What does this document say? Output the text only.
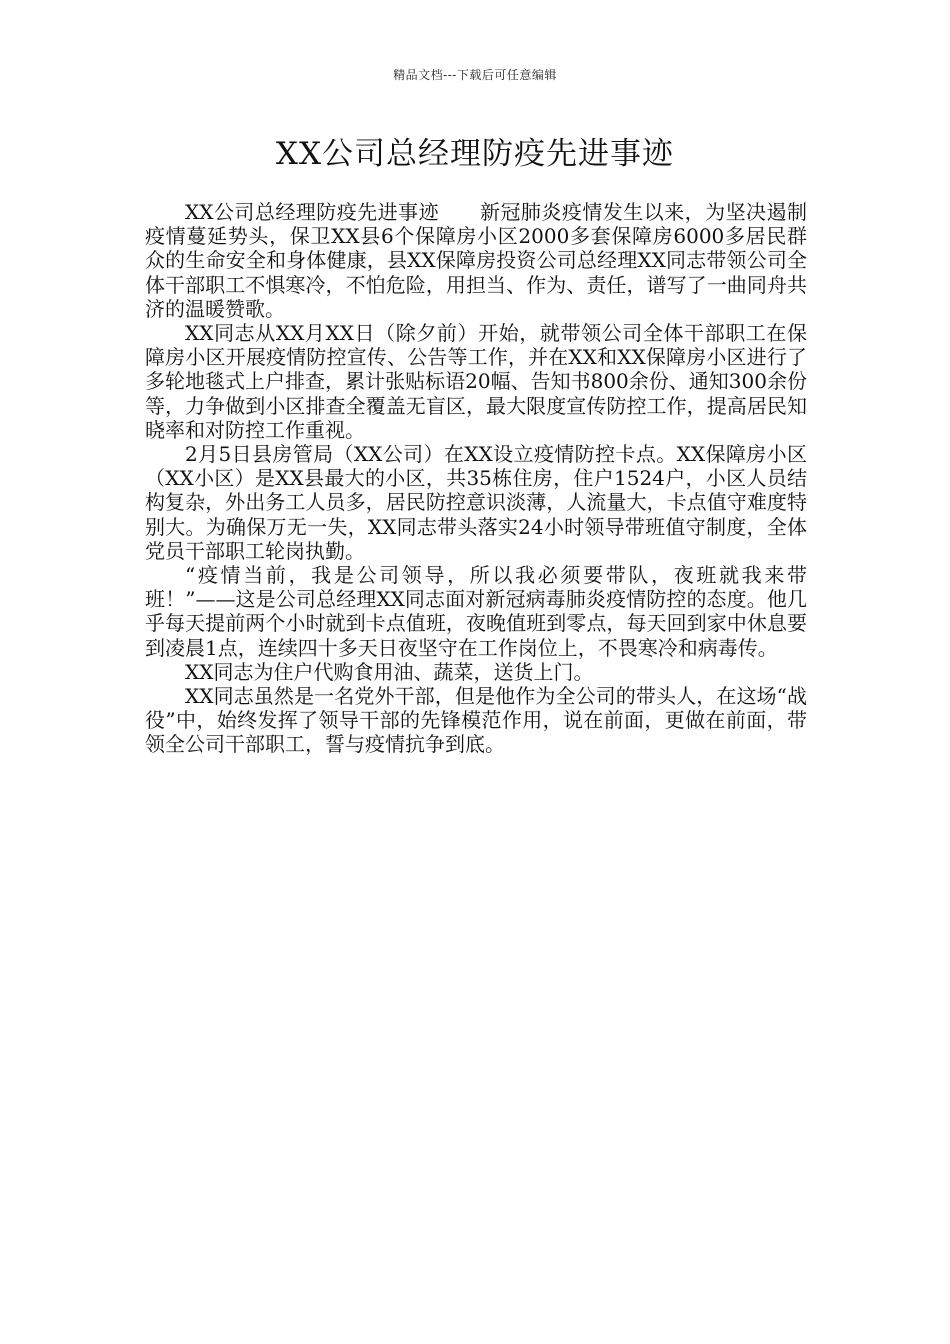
精品文档---下载后可任意编辑
XX公司总经理防疫先进事迹

XX公司总经理防疫先进事迹　　新冠肺炎疫情发生以来，为坚决遏制疫情蔓延势头，保卫XX县6个保障房小区2000多套保障房6000多居民群众的生命安全和身体健康，县XX保障房投资公司总经理XX同志带领公司全体干部职工不惧寒冷，不怕危险，用担当、作为、责任，谱写了一曲同舟共济的温暖赞歌。

XX同志从XX月XX日（除夕前）开始，就带领公司全体干部职工在保障房小区开展疫情防控宣传、公告等工作，并在XX和XX保障房小区进行了多轮地毯式上户排查，累计张贴标语20幅、告知书800余份、通知300余份等，力争做到小区排查全覆盖无盲区，最大限度宣传防控工作，提高居民知晓率和对防控工作重视。

2月5日县房管局（XX公司）在XX设立疫情防控卡点。XX保障房小区（XX小区）是XX县最大的小区，共35栋住房，住户1524户，小区人员结构复杂，外出务工人员多，居民防控意识淡薄，人流量大，卡点值守难度特别大。为确保万无一失，XX同志带头落实24小时领导带班值守制度，全体党员干部职工轮岗执勤。

“疫情当前，我是公司领导，所以我必须要带队，夜班就我来带班！”——这是公司总经理XX同志面对新冠病毒肺炎疫情防控的态度。他几乎每天提前两个小时就到卡点值班，夜晚值班到零点，每天回到家中休息要到凌晨1点，连续四十多天日夜坚守在工作岗位上，不畏寒冷和病毒传。

XX同志为住户代购食用油、蔬菜，送货上门。

XX同志虽然是一名党外干部，但是他作为全公司的带头人，在这场“战役”中，始终发挥了领导干部的先锋模范作用，说在前面，更做在前面，带领全公司干部职工，誓与疫情抗争到底。
